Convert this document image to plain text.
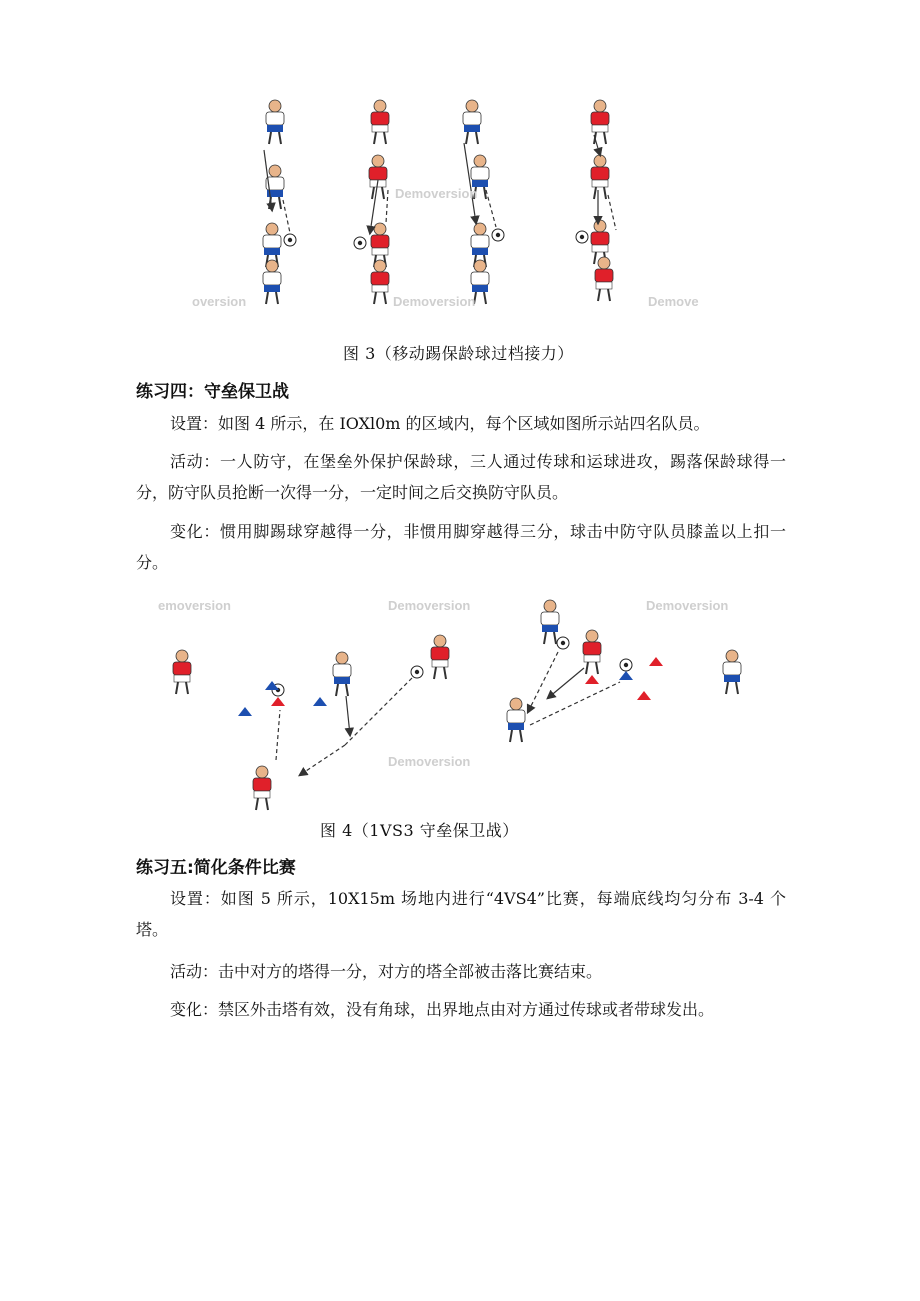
Demoversion
oversion	Demoversion	Demove
图 3（移动踢保龄球过档接力）
练习四：守垒保卫战

设置：如图 4 所示，在 IOXl0m 的区域内，每个区域如图所示站四名队员。

活动：一人防守，在堡垒外保护保龄球，三人通过传球和运球进攻，踢落保龄球得一分，防守队员抢断一次得一分，一定时间之后交换防守队员。

变化：惯用脚踢球穿越得一分，非惯用脚穿越得三分，球击中防守队员膝盖以上扣一分。

emoversion	Demoversion	Demoversion
Demoversion
图 4（1VS3 守垒保卫战）
练习五:简化条件比赛

设置：如图 5 所示，10X15m 场地内进行“4VS4”比赛，每端底线均匀分布 3-4 个塔。

活动：击中对方的塔得一分，对方的塔全部被击落比赛结束。

变化：禁区外击塔有效，没有角球，出界地点由对方通过传球或者带球发出。
